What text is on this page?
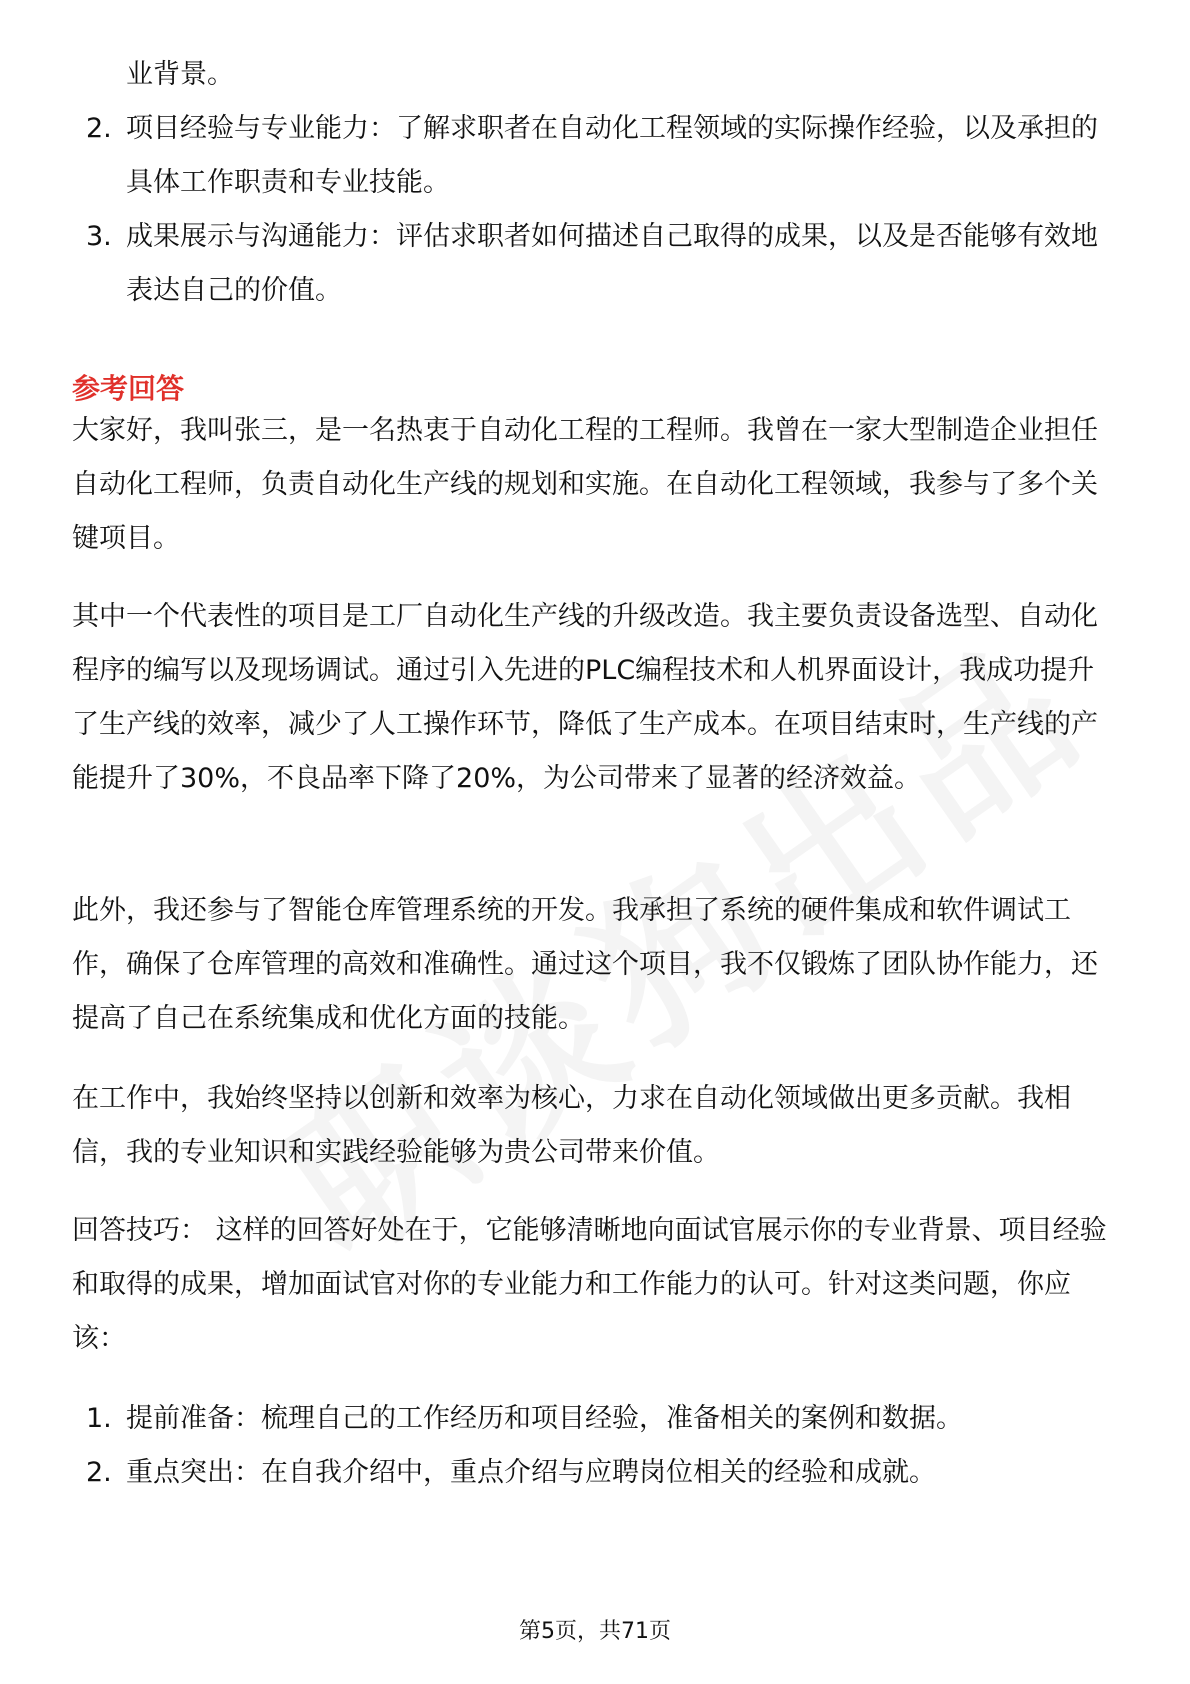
业背景。

2. 项目经验与专业能力：了解求职者在自动化工程领域的实际操作经验，以及承担的具体工作职责和专业技能。
3. 成果展示与沟通能力：评估求职者如何描述自己取得的成果，以及是否能够有效地表达自己的价值。
参考回答

大家好，我叫张三，是一名热衷于自动化工程的工程师。我曾在一家大型制造企业担任自动化工程师，负责自动化生产线的规划和实施。在自动化工程领域，我参与了多个关键项目。

其中一个代表性的项目是工厂自动化生产线的升级改造。我主要负责设备选型、自动化程序的编写以及现场调试。通过引入先进的PLC编程技术和人机界面设计，我成功提升了生产线的效率，减少了人工操作环节，降低了生产成本。在项目结束时，生产线的产能提升了30%，不良品率下降了20%，为公司带来了显著的经济效益。

此外，我还参与了智能仓库管理系统的开发。我承担了系统的硬件集成和软件调试工作，确保了仓库管理的高效和准确性。通过这个项目，我不仅锻炼了团队协作能力，还提高了自己在系统集成和优化方面的技能。

在工作中，我始终坚持以创新和效率为核心，力求在自动化领域做出更多贡献。我相信，我的专业知识和实践经验能够为贵公司带来价值。

回答技巧： 这样的回答好处在于，它能够清晰地向面试官展示你的专业背景、项目经验和取得的成果，增加面试官对你的专业能力和工作能力的认可。针对这类问题，你应该：

1. 提前准备：梳理自己的工作经历和项目经验，准备相关的案例和数据。
2. 重点突出：在自我介绍中，重点介绍与应聘岗位相关的经验和成就。
第5页，共71页
